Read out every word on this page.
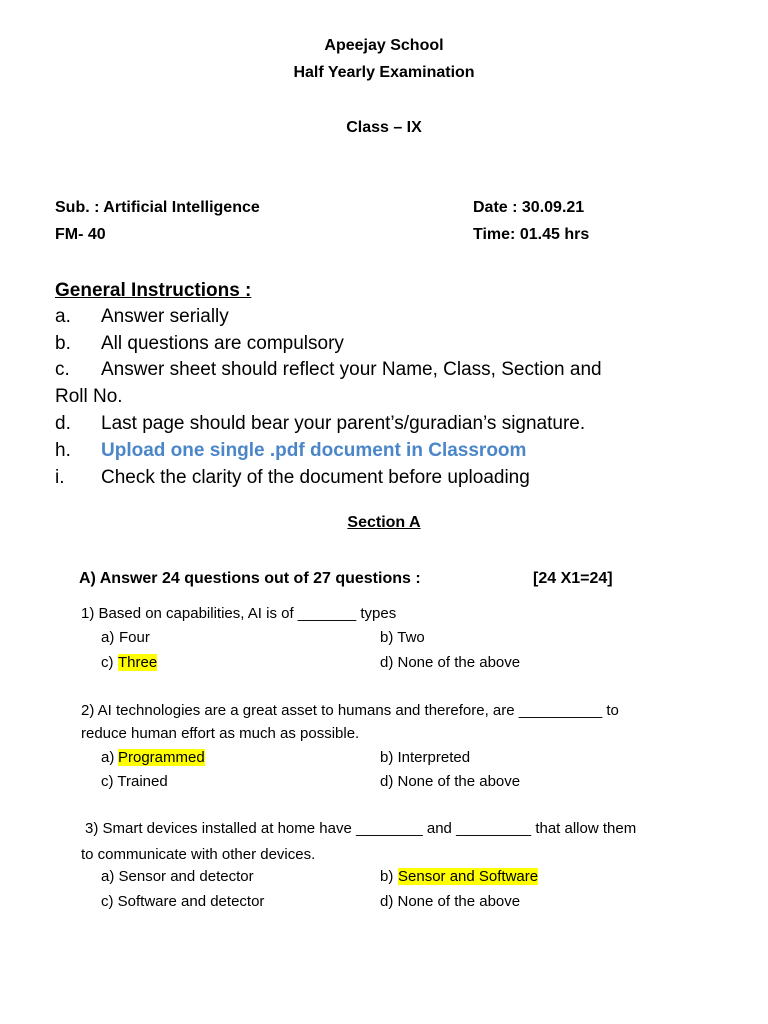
Apeejay School
Half Yearly Examination
Class – IX
Sub. : Artificial Intelligence	Date : 30.09.21
FM- 40	Time: 01.45 hrs
General Instructions :
a. Answer serially
b. All questions are compulsory
c. Answer sheet should reflect your Name, Class, Section and
Roll No.
d. Last page should bear your parent’s/guradian’s signature.
h. Upload one single .pdf document in Classroom
i. Check the clarity of the document before uploading
Section A
A) Answer 24 questions out of 27 questions :	[24 X1=24]
1) Based on capabilities, AI is of _______ types
a) Four	b) Two
c) Three	d) None of the above
2) AI technologies are a great asset to humans and therefore, are __________ to
reduce human effort as much as possible.
a) Programmed	b) Interpreted
c) Trained	d) None of the above
3) Smart devices installed at home have ________ and _________ that allow them
to communicate with other devices.
a) Sensor and detector	b) Sensor and Software
c) Software and detector	d) None of the above
